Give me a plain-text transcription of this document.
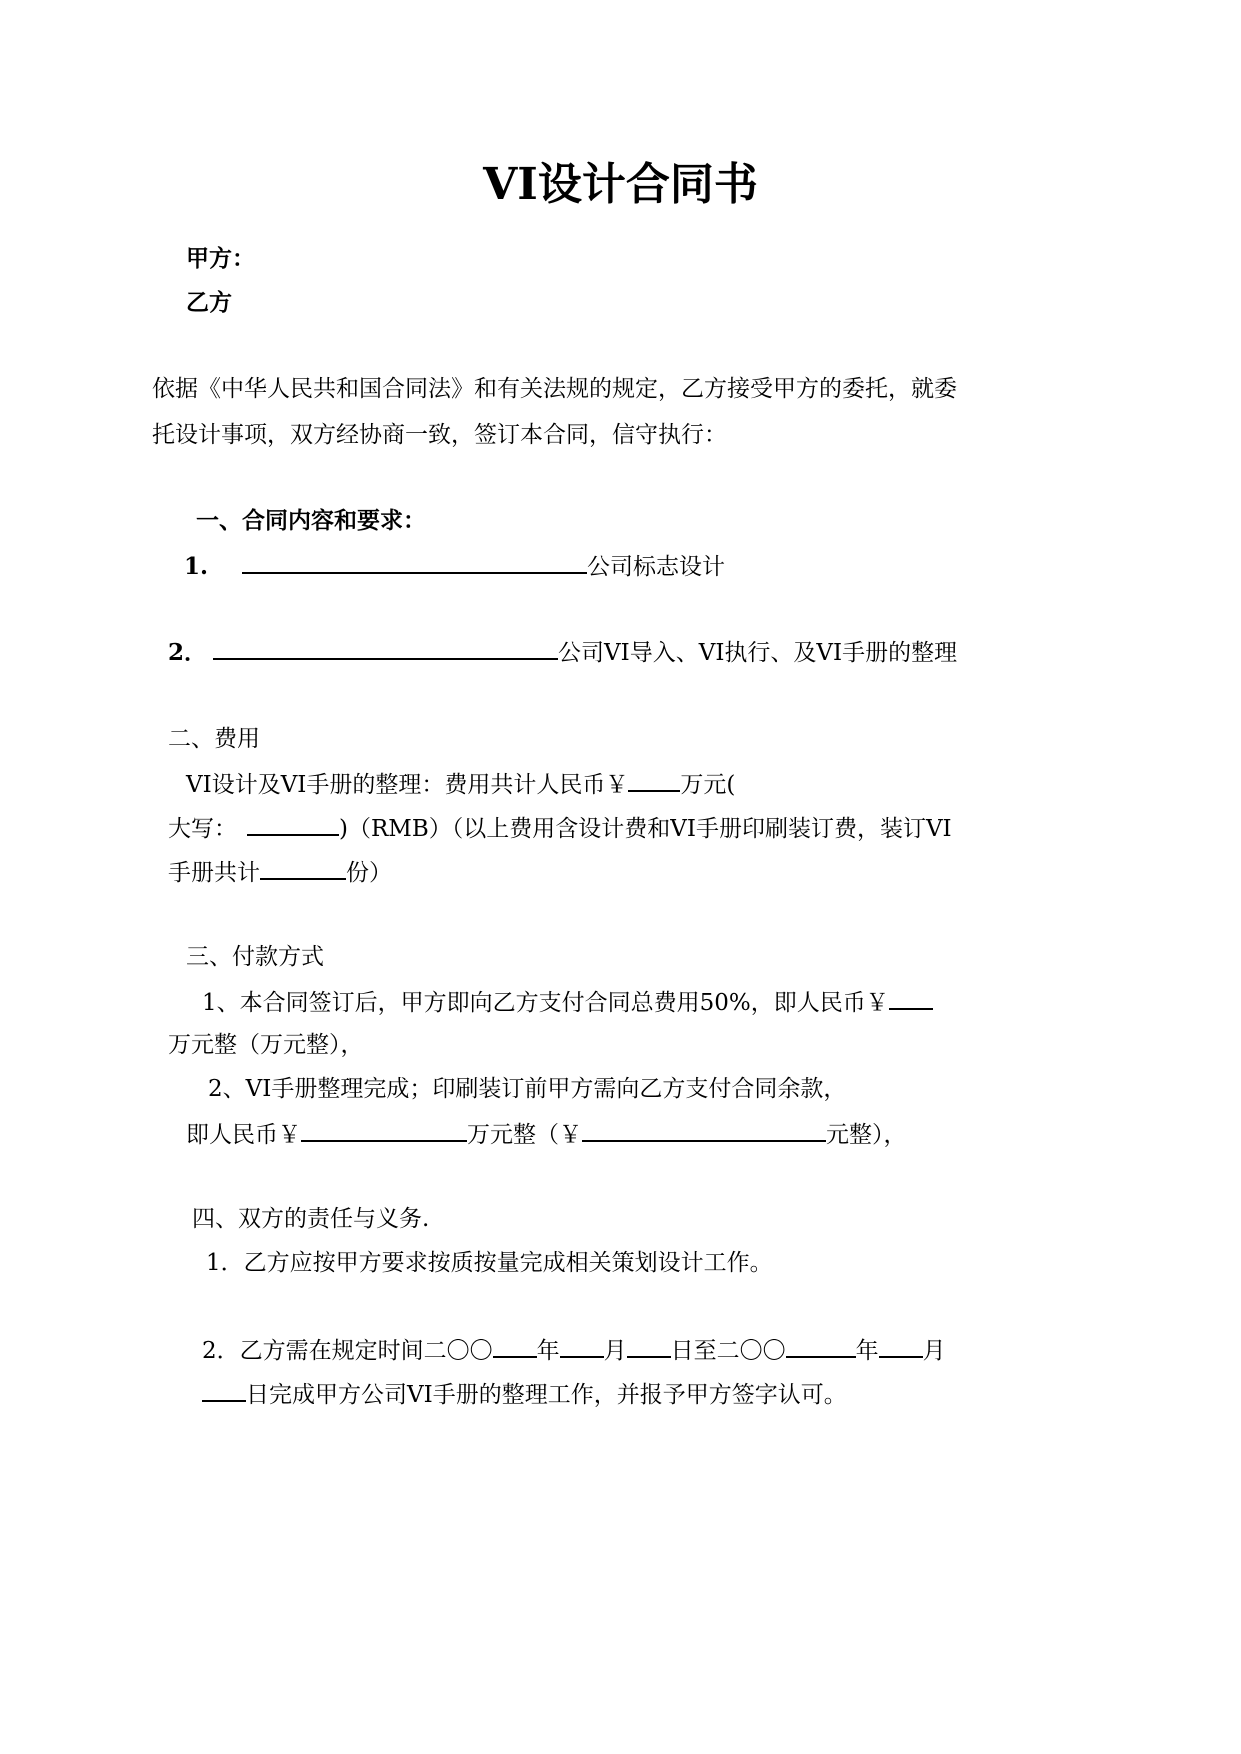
VI设计合同书
甲方：
乙方
依据《中华人民共和国合同法》和有关法规的规定，乙方接受甲方的委托，就委
托设计事项，双方经协商一致，签订本合同，信守执行：
一、合同内容和要求：
1.	公司标志设计
2．	公司VI导入、VI执行、及VI手册的整理
二、费用
VI设计及VI手册的整理：费用共计人民币￥ 万元(
大写：	)（RMB）（以上费用含设计费和VI手册印刷装订费，装订VI
手册共计	份）
三、付款方式
1、本合同签订后，甲方即向乙方支付合同总费用50%，即人民币￥
万元整（万元整），
2、VI手册整理完成；印刷装订前甲方需向乙方支付合同余款，
即人民币￥	万元整（￥	元整），
四、双方的责任与义务.
1．乙方应按甲方要求按质按量完成相关策划设计工作。
2．乙方需在规定时间二〇〇 年 月 日至二〇〇	年 月
日完成甲方公司VI手册的整理工作，并报予甲方签字认可。
